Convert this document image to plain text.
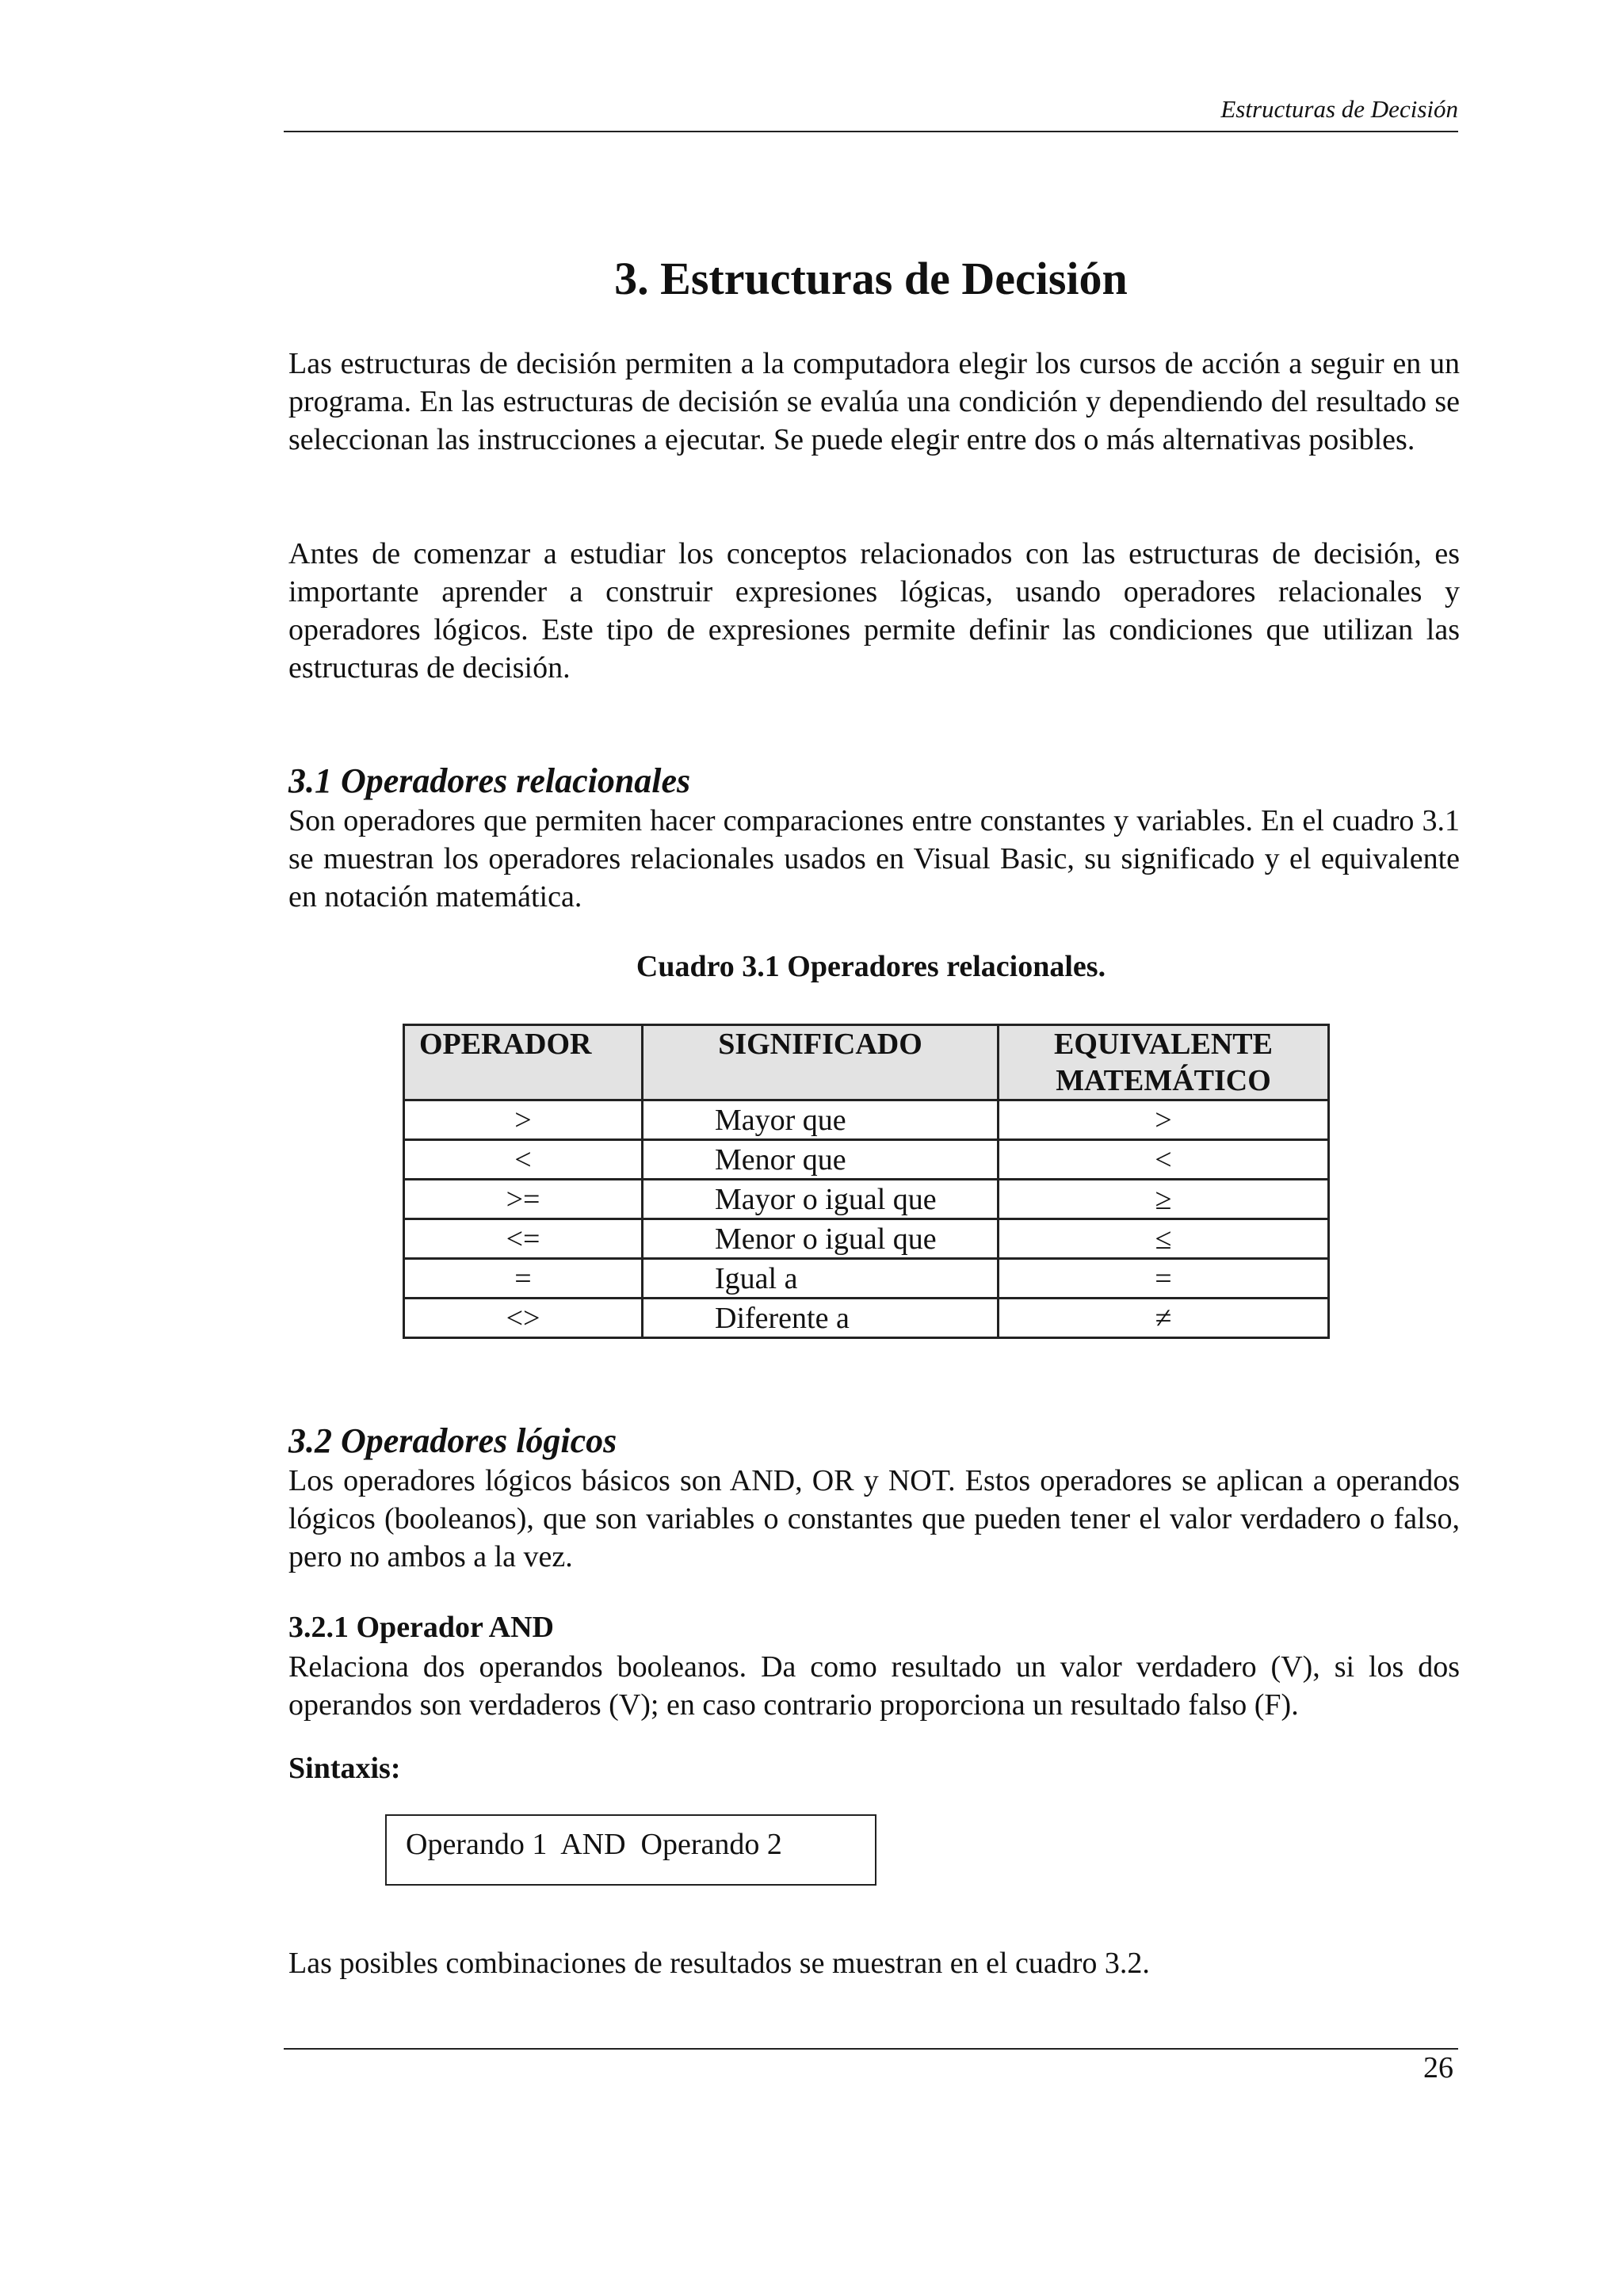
Estructuras de Decisión
3. Estructuras de Decisión

Las estructuras de decisión permiten a la computadora elegir los cursos de acción a seguir en un programa. En las estructuras de decisión se evalúa una condición y dependiendo del resultado se seleccionan las instrucciones a ejecutar. Se puede elegir entre dos o más alternativas posibles.

Antes de comenzar a estudiar los conceptos relacionados con las estructuras de decisión, es importante aprender a construir expresiones lógicas, usando operadores relacionales y operadores lógicos. Este tipo de expresiones permite definir las condiciones que utilizan las estructuras de decisión.

3.1 Operadores relacionales

Son operadores que permiten hacer comparaciones entre constantes y variables. En el cuadro 3.1 se muestran los operadores relacionales usados en Visual Basic, su significado y el equivalente en notación matemática.

Cuadro 3.1 Operadores relacionales.
OPERADOR	SIGNIFICADO	EQUIVALENTE MATEMÁTICO
>	Mayor que	>
<	Menor que	<
>=	Mayor o igual que	≥
<=	Menor o igual que	≤
=	Igual a	=
<>	Diferente a	≠
3.2 Operadores lógicos

Los operadores lógicos básicos son AND, OR y NOT. Estos operadores se aplican a operandos lógicos (booleanos), que son variables o constantes que pueden tener el valor verdadero o falso, pero no ambos a la vez.

3.2.1 Operador AND

Relaciona dos operandos booleanos. Da como resultado un valor verdadero (V), si los dos operandos son verdaderos (V); en caso contrario proporciona un resultado falso (F).

Sintaxis:
Operando 1  AND  Operando 2

Las posibles combinaciones de resultados se muestran en el cuadro 3.2.

26
